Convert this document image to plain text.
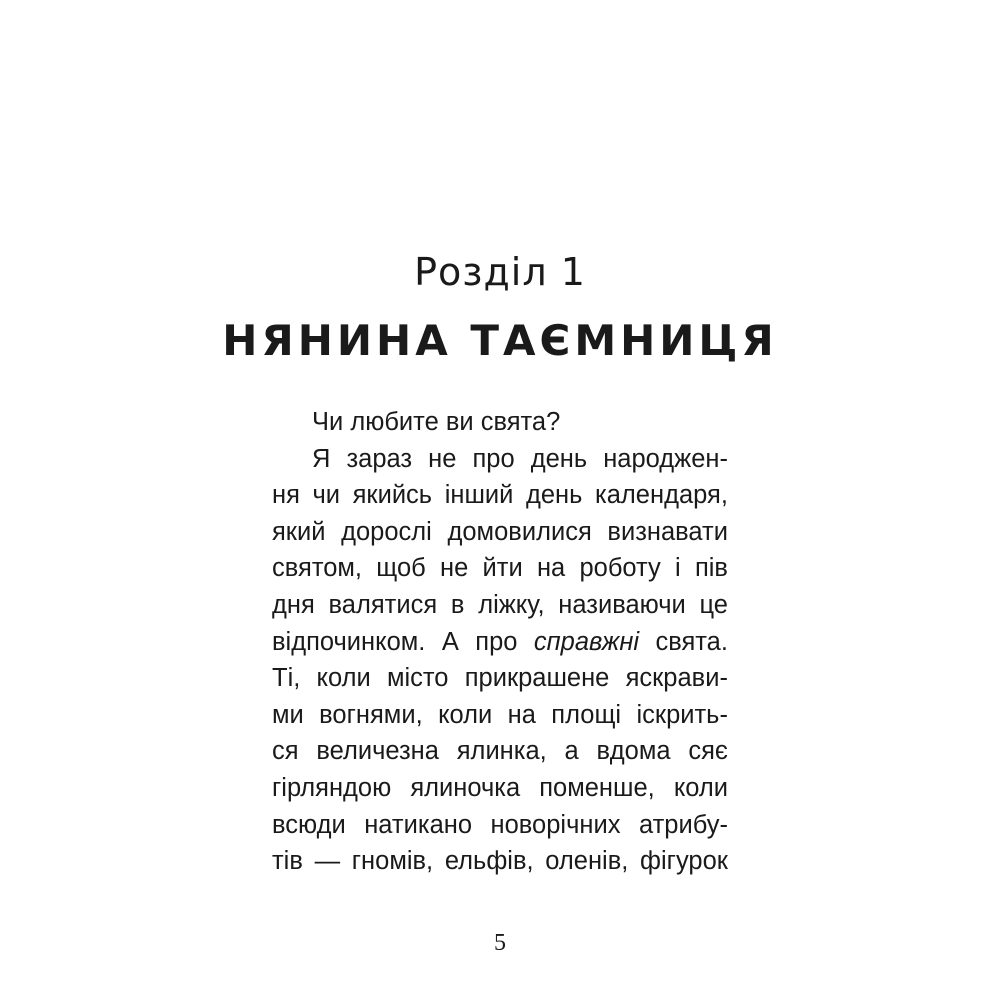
Розділ 1
НЯНИНА ТАЄМНИЦЯ
Чи любите ви свята?
Я зараз не про день народжен-
ня чи якийсь інший день календаря,
який дорослі домовилися визнавати
святом, щоб не йти на роботу і пів
дня валятися в ліжку, називаючи це
відпочинком. А про справжні свята.
Ті, коли місто прикрашене яскрави-
ми вогнями, коли на площі іскрить-
ся величезна ялинка, а вдома сяє
гірляндою ялиночка поменше, коли
всюди натикано новорічних атрибу-
тів — гномів, ельфів, оленів, фігурок
5
